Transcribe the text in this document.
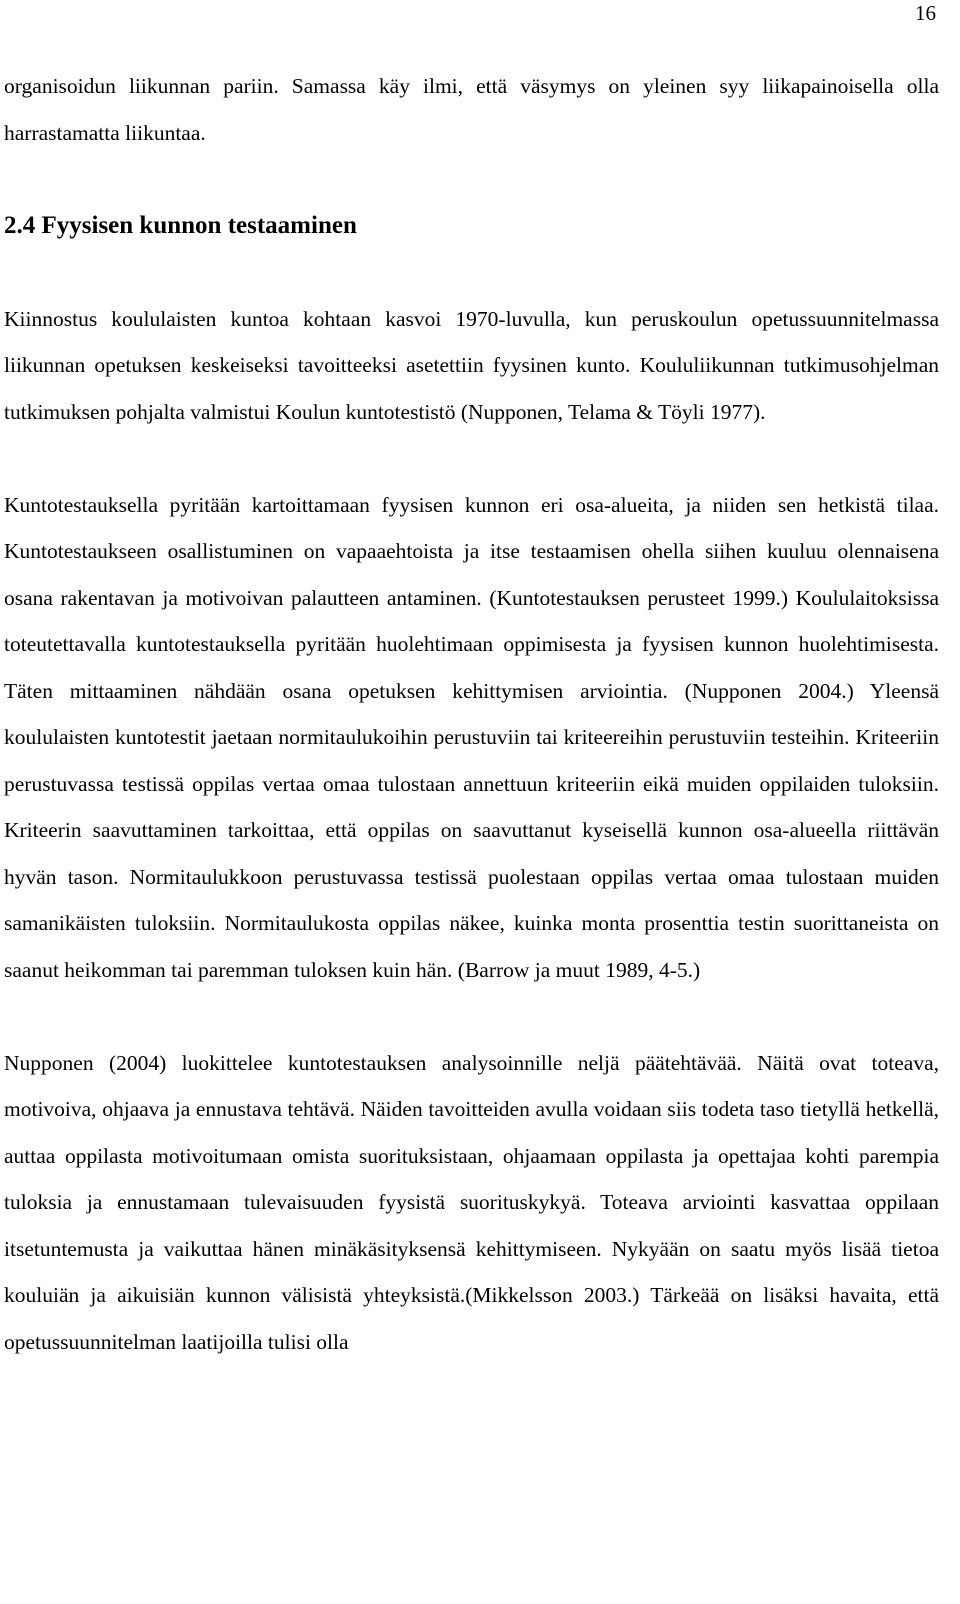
16

organisoidun liikunnan pariin. Samassa käy ilmi, että väsymys on yleinen syy liikapainoisella olla harrastamatta liikuntaa.

2.4 Fyysisen kunnon testaaminen

Kiinnostus koululaisten kuntoa kohtaan kasvoi 1970-luvulla, kun peruskoulun opetussuunnitelmassa liikunnan opetuksen keskeiseksi tavoitteeksi asetettiin fyysinen kunto. Koululiikunnan tutkimusohjelman tutkimuksen pohjalta valmistui Koulun kuntotestistö (Nupponen, Telama & Töyli 1977).

Kuntotestauksella pyritään kartoittamaan fyysisen kunnon eri osa-alueita, ja niiden sen hetkistä tilaa. Kuntotestaukseen osallistuminen on vapaaehtoista ja itse testaamisen ohella siihen kuuluu olennaisena osana rakentavan ja motivoivan palautteen antaminen. (Kuntotestauksen perusteet 1999.) Koululaitoksissa toteutettavalla kuntotestauksella pyritään huolehtimaan oppimisesta ja fyysisen kunnon huolehtimisesta. Täten mittaaminen nähdään osana opetuksen kehittymisen arviointia. (Nupponen 2004.) Yleensä koululaisten kuntotestit jaetaan normitaulukoihin perustuviin tai kriteereihin perustuviin testeihin. Kriteeriin perustuvassa testissä oppilas vertaa omaa tulostaan annettuun kriteeriin eikä muiden oppilaiden tuloksiin. Kriteerin saavuttaminen tarkoittaa, että oppilas on saavuttanut kyseisellä kunnon osa-alueella riittävän hyvän tason. Normitaulukkoon perustuvassa testissä puolestaan oppilas vertaa omaa tulostaan muiden samanikäisten tuloksiin. Normitaulukosta oppilas näkee, kuinka monta prosenttia testin suorittaneista on saanut heikomman tai paremman tuloksen kuin hän. (Barrow ja muut 1989, 4-5.)

Nupponen (2004) luokittelee kuntotestauksen analysoinnille neljä päätehtävää. Näitä ovat toteava, motivoiva, ohjaava ja ennustava tehtävä. Näiden tavoitteiden avulla voidaan siis todeta taso tietyllä hetkellä, auttaa oppilasta motivoitumaan omista suorituksistaan, ohjaamaan oppilasta ja opettajaa kohti parempia tuloksia ja ennustamaan tulevaisuuden fyysistä suorituskykyä. Toteava arviointi kasvattaa oppilaan itsetuntemusta ja vaikuttaa hänen minäkäsityksensä kehittymiseen. Nykyään on saatu myös lisää tietoa kouluiän ja aikuisiän kunnon välisistä yhteyksistä.(Mikkelsson 2003.) Tärkeää on lisäksi havaita, että opetussuunnitelman laatijoilla tulisi olla
